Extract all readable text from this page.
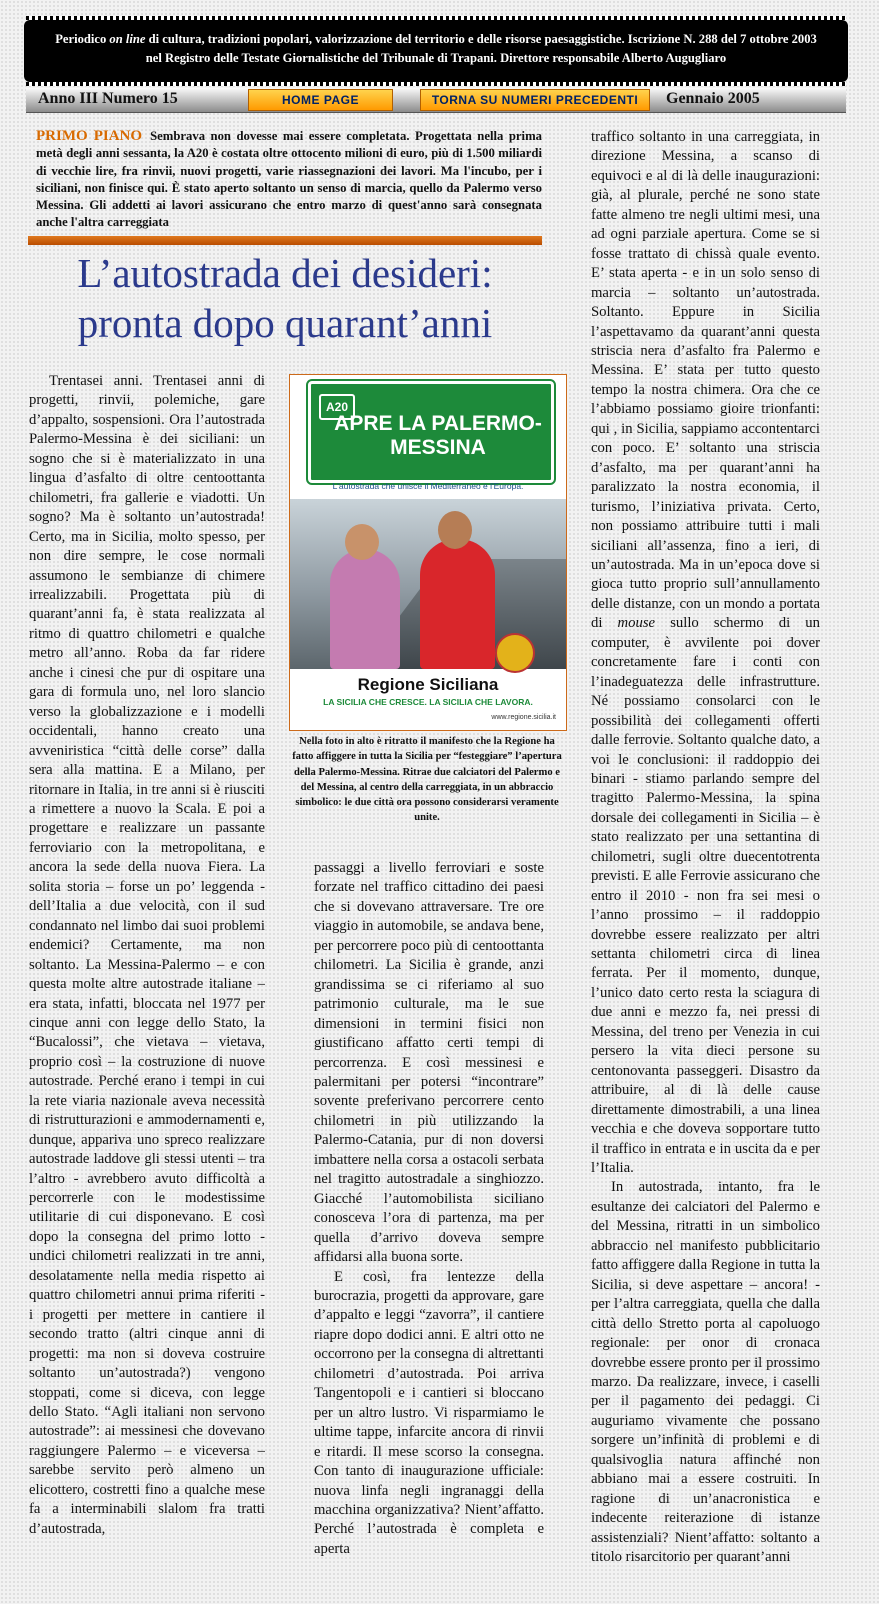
Periodico on line di cultura, tradizioni popolari, valorizzazione del territorio e delle risorse paesaggistiche. Iscrizione N. 288 del 7 ottobre 2003 nel Registro delle Testate Giornalistiche del Tribunale di Trapani. Direttore responsabile Alberto Augugliaro
Anno III Numero 15	HOME PAGE	TORNA SU NUMERI PRECEDENTI	Gennaio 2005
PRIMO PIANO Sembrava non dovesse mai essere completata. Progettata nella prima metà degli anni sessanta, la A20 è costata oltre ottocento milioni di euro, più di 1.500 miliardi di vecchie lire, fra rinvii, nuovi progetti, varie riassegnazioni dei lavori. Ma l'incubo, per i siciliani, non finisce qui. È stato aperto soltanto un senso di marcia, quello da Palermo verso Messina. Gli addetti ai lavori assicurano che entro marzo di quest'anno sarà consegnata anche l'altra carreggiata
L’autostrada dei desideri: pronta dopo quarant’anni
A20
APRE LA PALERMO-MESSINA
L'autostrada che unisce il Mediterraneo e l'Europa.
Regione Siciliana
LA SICILIA CHE CRESCE. LA SICILIA CHE LAVORA.
www.regione.sicilia.it
Nella foto in alto è ritratto il manifesto che la Regione ha fatto affiggere in tutta la Sicilia per “festeggiare” l’apertura della Palermo-Messina. Ritrae due calciatori del Palermo e del Messina, al centro della carreggiata, in un abbraccio simbolico: le due città ora possono considerarsi veramente unite.

Trentasei anni. Trentasei anni di progetti, rinvii, polemiche, gare d’appalto, sospensioni. Ora l’autostrada Palermo-Messina è dei siciliani: un sogno che si è materializzato in una lingua d’asfalto di oltre centoottanta chilometri, fra gallerie e viadotti. Un sogno? Ma è soltanto un’autostrada! Certo, ma in Sicilia, molto spesso, per non dire sempre, le cose normali assumono le sembianze di chimere irrealizzabili. Progettata più di quarant’anni fa, è stata realizzata al ritmo di quattro chilometri e qualche metro all’anno. Roba da far ridere anche i cinesi che pur di ospitare una gara di formula uno, nel loro slancio verso la globalizzazione e i modelli occidentali, hanno creato una avveniristica “città delle corse” dalla sera alla mattina. E a Milano, per ritornare in Italia, in tre anni si è riusciti a rimettere a nuovo la Scala. E poi a progettare e realizzare un passante ferroviario con la metropolitana, e ancora la sede della nuova Fiera. La solita storia – forse un po’ leggenda - dell’Italia a due velocità, con il sud condannato nel limbo dai suoi problemi endemici? Certamente, ma non soltanto. La Messina-Palermo – e con questa molte altre autostrade italiane – era stata, infatti, bloccata nel 1977 per cinque anni con legge dello Stato, la “Bucalossi”, che vietava – vietava, proprio così – la costruzione di nuove autostrade. Perché erano i tempi in cui la rete viaria nazionale aveva necessità di ristrutturazioni e ammodernamenti e, dunque, appariva uno spreco realizzare autostrade laddove gli stessi utenti – tra l’altro - avrebbero avuto difficoltà a percorrerle con le modestissime utilitarie di cui disponevano. E così dopo la consegna del primo lotto - undici chilometri realizzati in tre anni, desolatamente nella media rispetto ai quattro chilometri annui prima riferiti - i progetti per mettere in cantiere il secondo tratto (altri cinque anni di progetti: ma non si doveva costruire soltanto un’autostrada?) vengono stoppati, come si diceva, con legge dello Stato. “Agli italiani non servono autostrade”: ai messinesi che dovevano raggiungere Palermo – e viceversa – sarebbe servito però almeno un elicottero, costretti fino a qualche mese fa a interminabili slalom fra tratti d’autostrada,

passaggi a livello ferroviari e soste forzate nel traffico cittadino dei paesi che si dovevano attraversare. Tre ore viaggio in automobile, se andava bene, per percorrere poco più di centoottanta chilometri. La Sicilia è grande, anzi grandissima se ci riferiamo al suo patrimonio culturale, ma le sue dimensioni in termini fisici non giustificano affatto certi tempi di percorrenza. E così messinesi e palermitani per potersi “incontrare” sovente preferivano percorrere cento chilometri in più utilizzando la Palermo-Catania, pur di non doversi imbattere nella corsa a ostacoli serbata nel tragitto autostradale a singhiozzo. Giacché l’automobilista siciliano conosceva l’ora di partenza, ma per quella d’arrivo doveva sempre affidarsi alla buona sorte.

E così, fra lentezze della burocrazia, progetti da approvare, gare d’appalto e leggi “zavorra”, il cantiere riapre dopo dodici anni. E altri otto ne occorrono per la consegna di altrettanti chilometri d’autostrada. Poi arriva Tangentopoli e i cantieri si bloccano per un altro lustro. Vi risparmiamo le ultime tappe, infarcite ancora di rinvii e ritardi. Il mese scorso la consegna. Con tanto di inaugurazione ufficiale: nuova linfa negli ingranaggi della macchina organizzativa? Nient’affatto. Perché l’autostrada è completa e aperta

traffico soltanto in una carreggiata, in direzione Messina, a scanso di equivoci e al di là delle inaugurazioni: già, al plurale, perché ne sono state fatte almeno tre negli ultimi mesi, una ad ogni parziale apertura. Come se si fosse trattato di chissà quale evento. E’ stata aperta - e in un solo senso di marcia – soltanto un’autostrada. Soltanto. Eppure in Sicilia l’aspettavamo da quarant’anni questa striscia nera d’asfalto fra Palermo e Messina. E’ stata per tutto questo tempo la nostra chimera. Ora che ce l’abbiamo possiamo gioire trionfanti: qui , in Sicilia, sappiamo accontentarci con poco. E’ soltanto una striscia d’asfalto, ma per quarant’anni ha paralizzato la nostra economia, il turismo, l’iniziativa privata. Certo, non possiamo attribuire tutti i mali siciliani all’assenza, fino a ieri, di un’autostrada. Ma in un’epoca dove si gioca tutto proprio sull’annullamento delle distanze, con un mondo a portata di mouse sullo schermo di un computer, è avvilente poi dover concretamente fare i conti con l’inadeguatezza delle infrastrutture. Né possiamo consolarci con le possibilità dei collegamenti offerti dalle ferrovie. Soltanto qualche dato, a voi le conclusioni: il raddoppio dei binari - stiamo parlando sempre del tragitto Palermo-Messina, la spina dorsale dei collegamenti in Sicilia – è stato realizzato per una settantina di chilometri, sugli oltre duecentotrenta previsti. E alle Ferrovie assicurano che entro il 2010 - non fra sei mesi o l’anno prossimo – il raddoppio dovrebbe essere realizzato per altri settanta chilometri circa di linea ferrata. Per il momento, dunque, l’unico dato certo resta la sciagura di due anni e mezzo fa, nei pressi di Messina, del treno per Venezia in cui persero la vita dieci persone su centonovanta passeggeri. Disastro da attribuire, al di là delle cause direttamente dimostrabili, a una linea vecchia e che doveva sopportare tutto il traffico in entrata e in uscita da e per l’Italia.

In autostrada, intanto, fra le esultanze dei calciatori del Palermo e del Messina, ritratti in un simbolico abbraccio nel manifesto pubblicitario fatto affiggere dalla Regione in tutta la Sicilia, si deve aspettare – ancora! - per l’altra carreggiata, quella che dalla città dello Stretto porta al capoluogo regionale: per onor di cronaca dovrebbe essere pronto per il prossimo marzo. Da realizzare, invece, i caselli per il pagamento dei pedaggi. Ci auguriamo vivamente che possano sorgere un’infinità di problemi e di qualsivoglia natura affinché non abbiano mai a essere costruiti. In ragione di un’anacronistica e indecente reiterazione di istanze assistenziali? Nient’affatto: soltanto a titolo risarcitorio per quarant’anni
